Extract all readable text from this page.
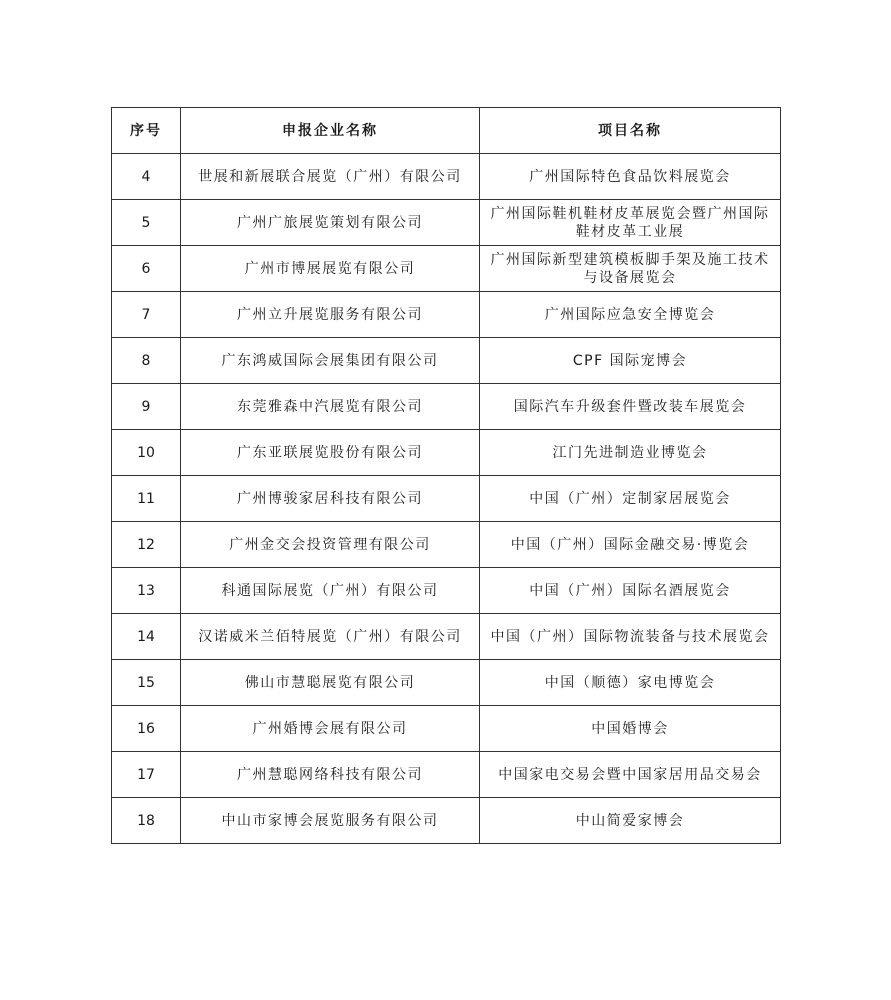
序号	申报企业名称	项目名称
4	世展和新展联合展览（广州）有限公司	广州国际特色食品饮料展览会
5	广州广旅展览策划有限公司	广州国际鞋机鞋材皮革展览会暨广州国际鞋材皮革工业展
6	广州市博展展览有限公司	广州国际新型建筑模板脚手架及施工技术与设备展览会
7	广州立升展览服务有限公司	广州国际应急安全博览会
8	广东鸿威国际会展集团有限公司	CPF 国际宠博会
9	东莞雅森中汽展览有限公司	国际汽车升级套件暨改装车展览会
10	广东亚联展览股份有限公司	江门先进制造业博览会
11	广州博骏家居科技有限公司	中国（广州）定制家居展览会
12	广州金交会投资管理有限公司	中国（广州）国际金融交易·博览会
13	科通国际展览（广州）有限公司	中国（广州）国际名酒展览会
14	汉诺威米兰佰特展览（广州）有限公司	中国（广州）国际物流装备与技术展览会
15	佛山市慧聪展览有限公司	中国（顺德）家电博览会
16	广州婚博会展有限公司	中国婚博会
17	广州慧聪网络科技有限公司	中国家电交易会暨中国家居用品交易会
18	中山市家博会展览服务有限公司	中山简爱家博会
